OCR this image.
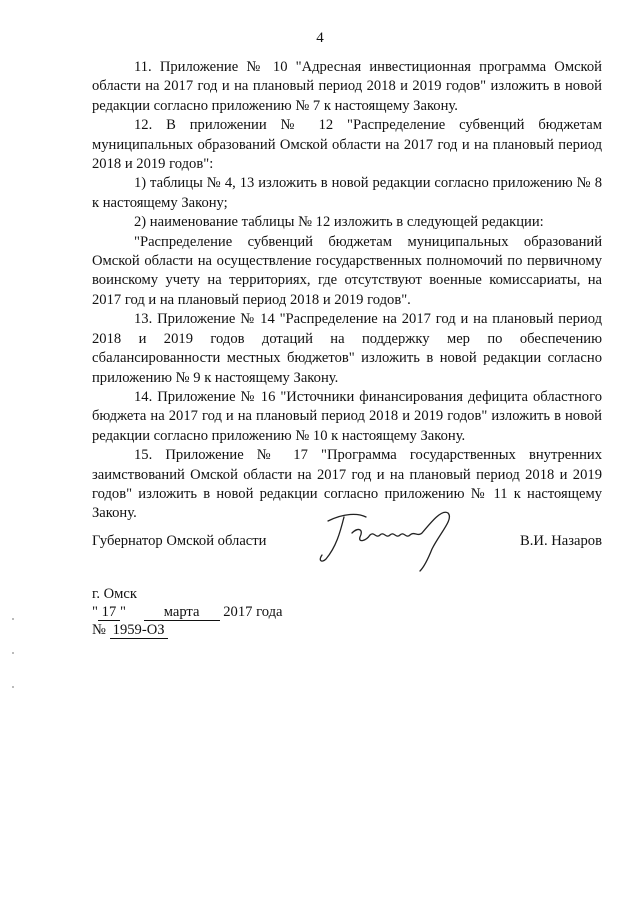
4

11. Приложение № 10 "Адресная инвестиционная программа Омской области на 2017 год и на плановый период 2018 и 2019 годов" изложить в новой редакции согласно приложению № 7 к настоящему Закону.

12. В приложении № 12 "Распределение субвенций бюджетам муниципальных образований Омской области на 2017 год и на плановый период 2018 и 2019 годов":

1) таблицы № 4, 13 изложить в новой редакции согласно приложению № 8 к настоящему Закону;

2) наименование таблицы № 12 изложить в следующей редакции:

"Распределение субвенций бюджетам муниципальных образований Омской области на осуществление государственных полномочий по первичному воинскому учету на территориях, где отсутствуют военные комиссариаты, на 2017 год и на плановый период 2018 и 2019 годов".

13. Приложение № 14 "Распределение на 2017 год и на плановый период 2018 и 2019 годов дотаций на поддержку мер по обеспечению сбалансированности местных бюджетов" изложить в новой редакции согласно приложению № 9 к настоящему Закону.

14. Приложение № 16 "Источники финансирования дефицита областного бюджета на 2017 год и на плановый период 2018 и 2019 годов" изложить в новой редакции согласно приложению № 10 к настоящему Закону.

15. Приложение № 17 "Программа государственных внутренних заимствований Омской области на 2017 год и на плановый период 2018 и 2019 годов" изложить в новой редакции согласно приложению № 11 к настоящему Закону.

Губернатор Омской области	В.И. Назаров
г. Омск
" 17 "	марта 2017 года
№ 1959-ОЗ
